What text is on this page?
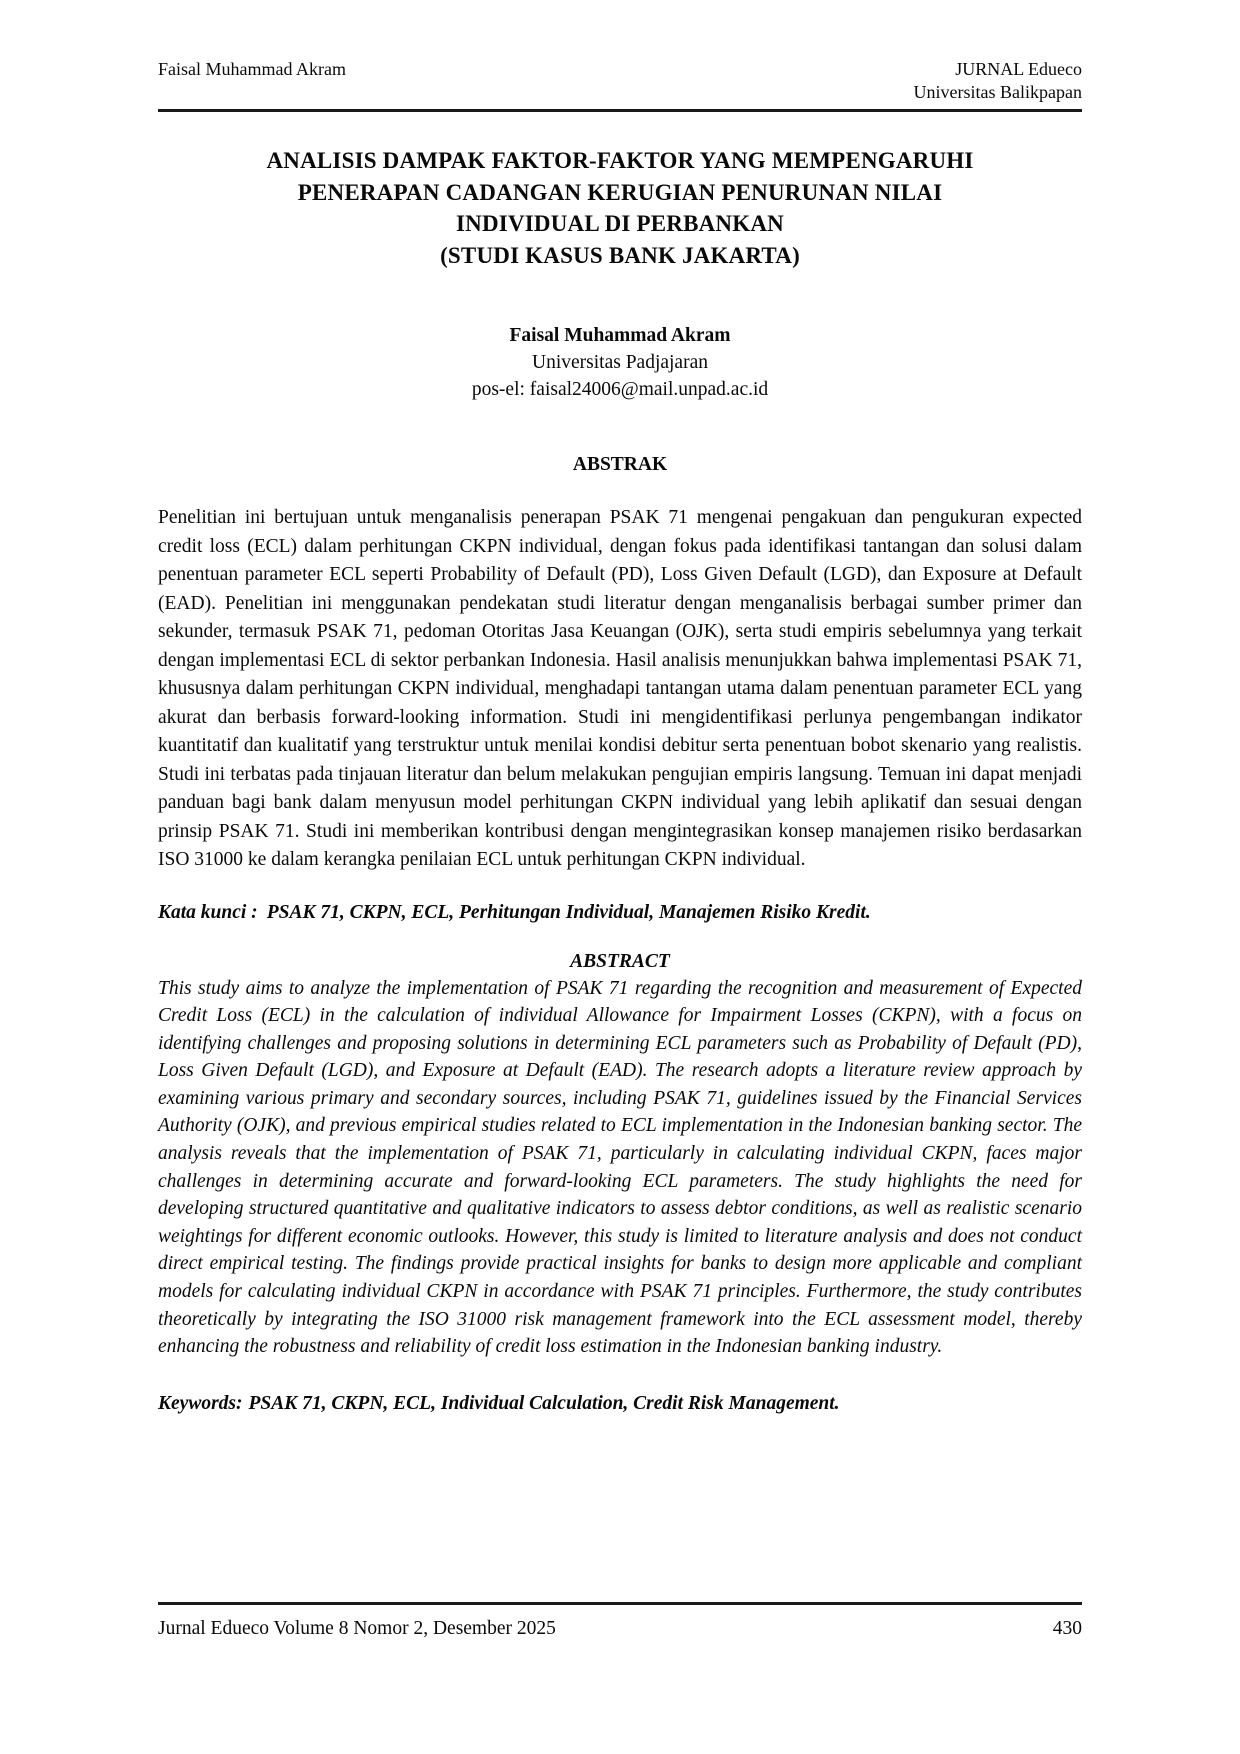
Faisal Muhammad Akram	JURNAL Edueco
Universitas Balikpapan
ANALISIS DAMPAK FAKTOR-FAKTOR YANG MEMPENGARUHI
PENERAPAN CADANGAN KERUGIAN PENURUNAN NILAI
INDIVIDUAL DI PERBANKAN
(STUDI KASUS BANK JAKARTA)
Faisal Muhammad Akram
Universitas Padjajaran
pos-el: faisal24006@mail.unpad.ac.id
ABSTRAK

Penelitian ini bertujuan untuk menganalisis penerapan PSAK 71 mengenai pengakuan dan pengukuran expected credit loss (ECL) dalam perhitungan CKPN individual, dengan fokus pada identifikasi tantangan dan solusi dalam penentuan parameter ECL seperti Probability of Default (PD), Loss Given Default (LGD), dan Exposure at Default (EAD). Penelitian ini menggunakan pendekatan studi literatur dengan menganalisis berbagai sumber primer dan sekunder, termasuk PSAK 71, pedoman Otoritas Jasa Keuangan (OJK), serta studi empiris sebelumnya yang terkait dengan implementasi ECL di sektor perbankan Indonesia. Hasil analisis menunjukkan bahwa implementasi PSAK 71, khususnya dalam perhitungan CKPN individual, menghadapi tantangan utama dalam penentuan parameter ECL yang akurat dan berbasis forward-looking information. Studi ini mengidentifikasi perlunya pengembangan indikator kuantitatif dan kualitatif yang terstruktur untuk menilai kondisi debitur serta penentuan bobot skenario yang realistis. Studi ini terbatas pada tinjauan literatur dan belum melakukan pengujian empiris langsung. Temuan ini dapat menjadi panduan bagi bank dalam menyusun model perhitungan CKPN individual yang lebih aplikatif dan sesuai dengan prinsip PSAK 71. Studi ini memberikan kontribusi dengan mengintegrasikan konsep manajemen risiko berdasarkan ISO 31000 ke dalam kerangka penilaian ECL untuk perhitungan CKPN individual.

Kata kunci : PSAK 71, CKPN, ECL, Perhitungan Individual, Manajemen Risiko Kredit.

ABSTRACT

This study aims to analyze the implementation of PSAK 71 regarding the recognition and measurement of Expected Credit Loss (ECL) in the calculation of individual Allowance for Impairment Losses (CKPN), with a focus on identifying challenges and proposing solutions in determining ECL parameters such as Probability of Default (PD), Loss Given Default (LGD), and Exposure at Default (EAD). The research adopts a literature review approach by examining various primary and secondary sources, including PSAK 71, guidelines issued by the Financial Services Authority (OJK), and previous empirical studies related to ECL implementation in the Indonesian banking sector. The analysis reveals that the implementation of PSAK 71, particularly in calculating individual CKPN, faces major challenges in determining accurate and forward-looking ECL parameters. The study highlights the need for developing structured quantitative and qualitative indicators to assess debtor conditions, as well as realistic scenario weightings for different economic outlooks. However, this study is limited to literature analysis and does not conduct direct empirical testing. The findings provide practical insights for banks to design more applicable and compliant models for calculating individual CKPN in accordance with PSAK 71 principles. Furthermore, the study contributes theoretically by integrating the ISO 31000 risk management framework into the ECL assessment model, thereby enhancing the robustness and reliability of credit loss estimation in the Indonesian banking industry.

Keywords: PSAK 71, CKPN, ECL, Individual Calculation, Credit Risk Management.

Jurnal Edueco Volume 8 Nomor 2, Desember 2025	430
